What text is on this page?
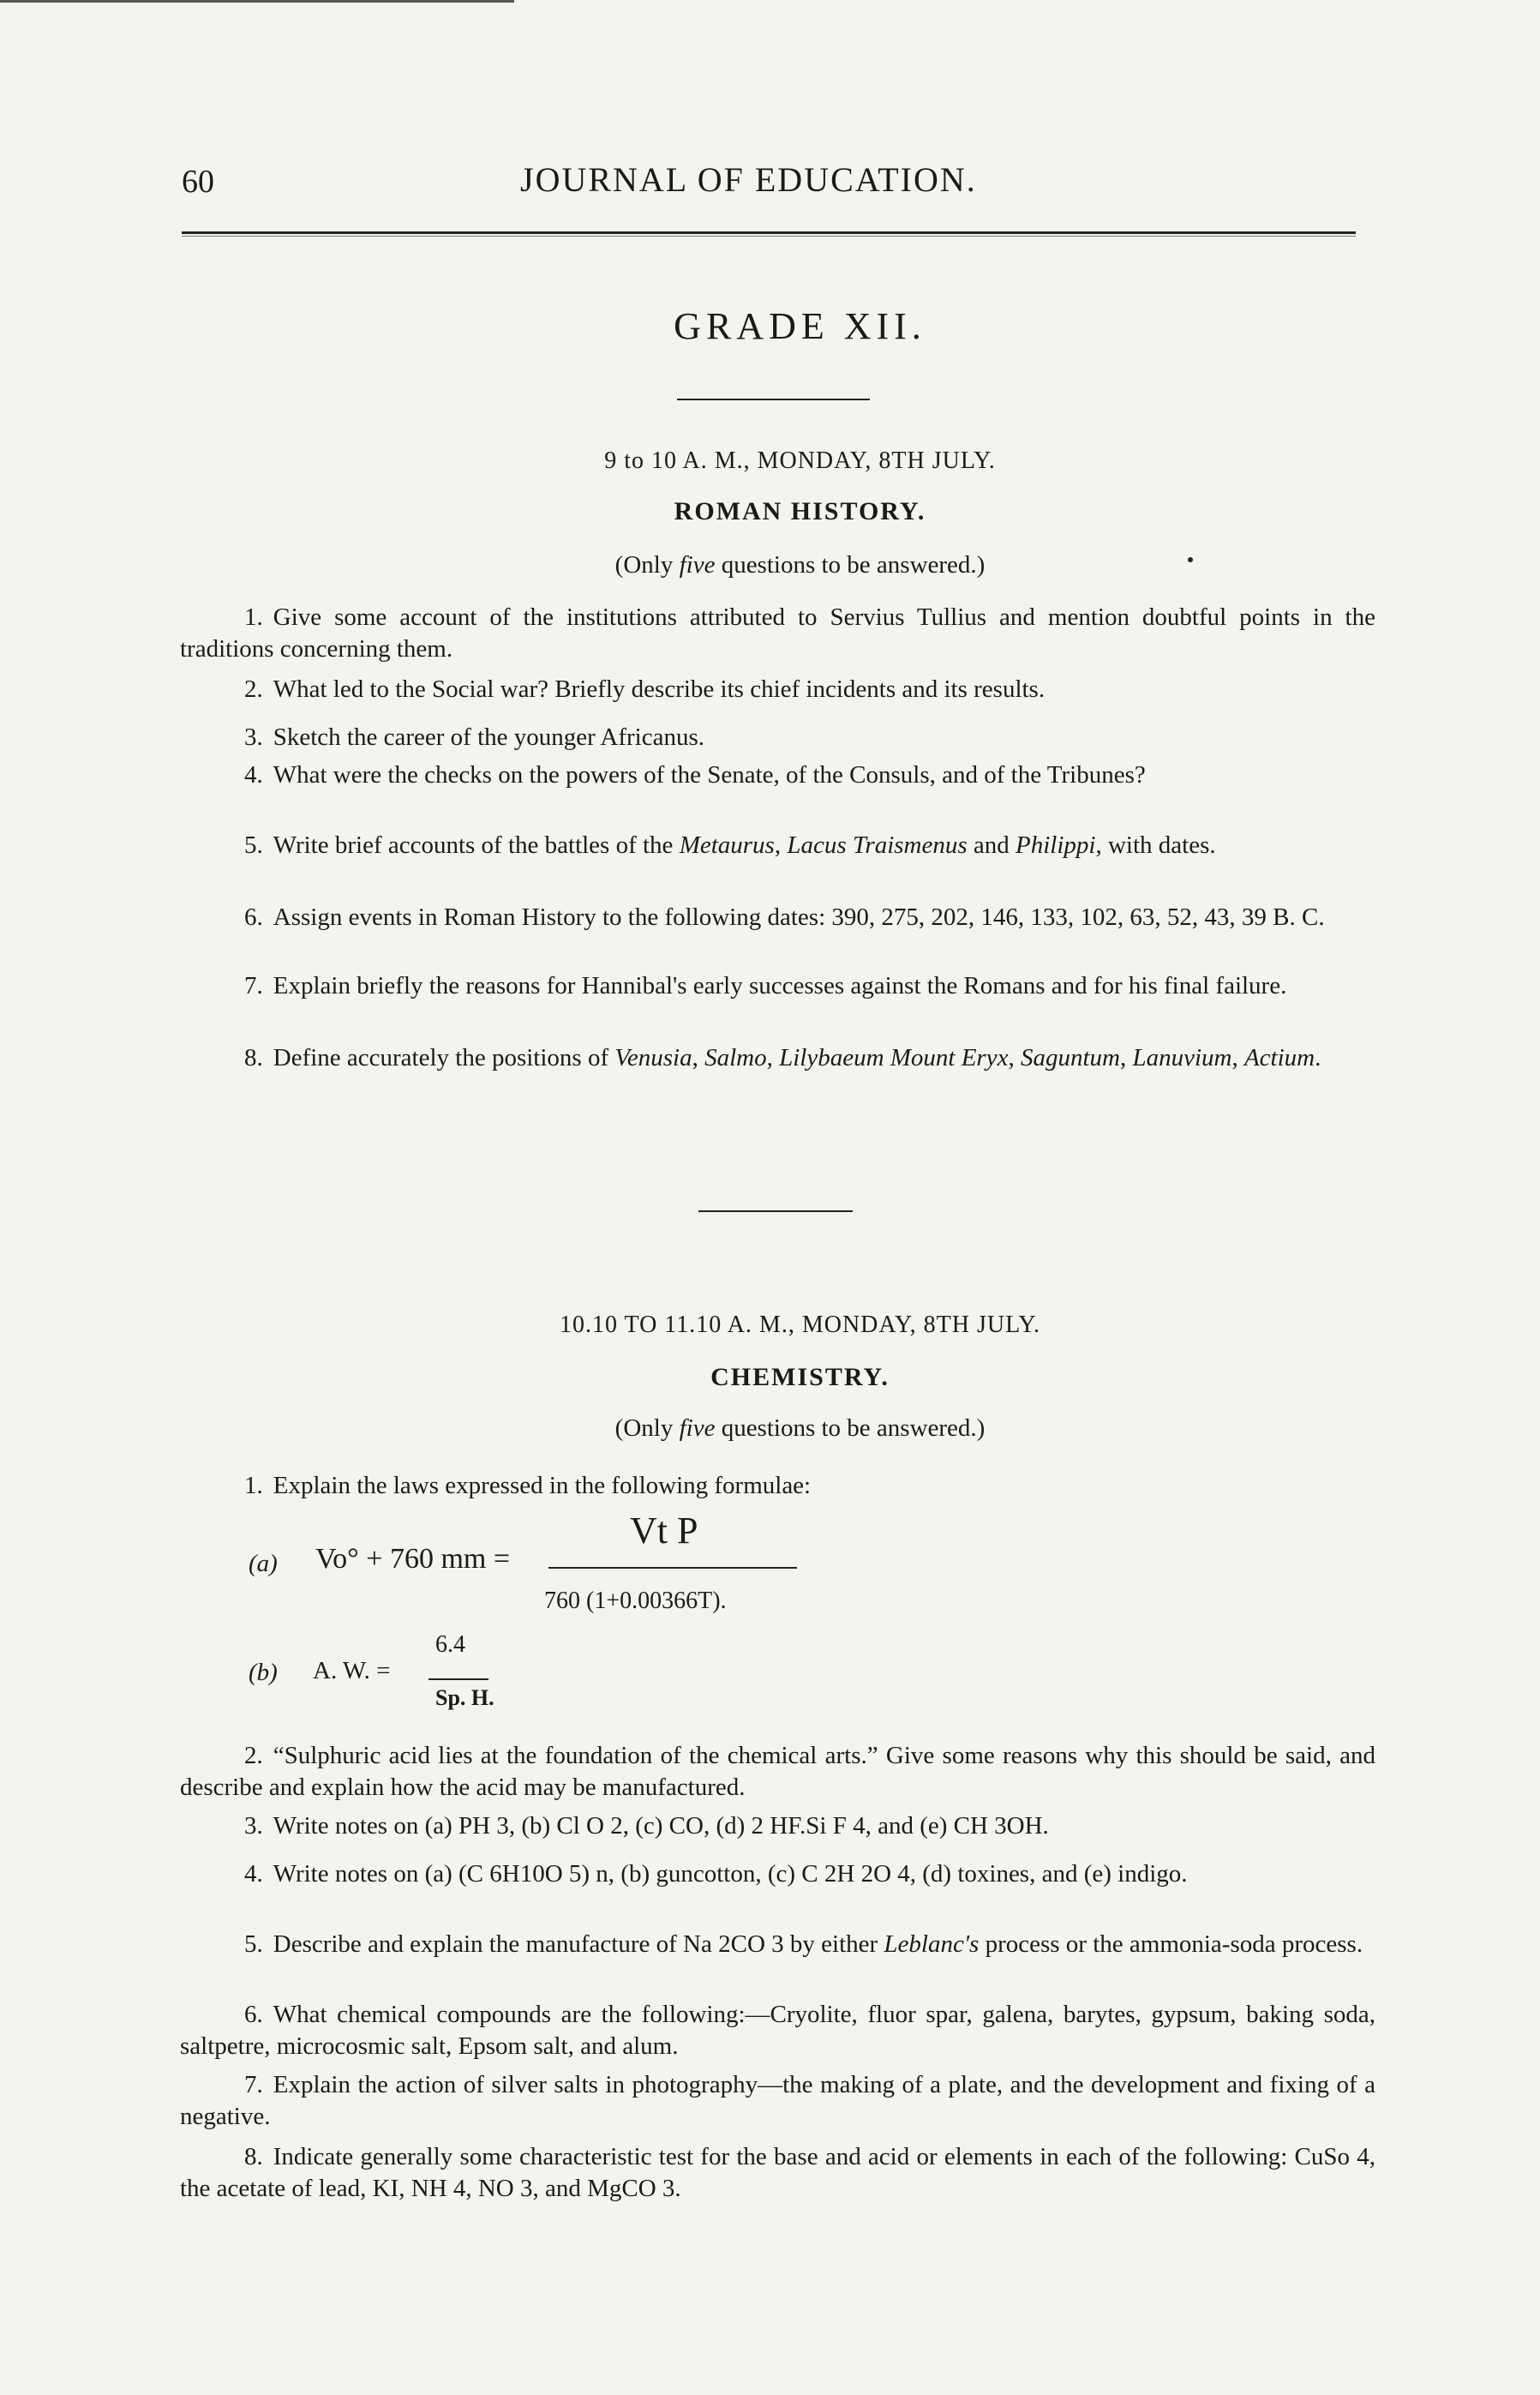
60	JOURNAL OF EDUCATION.
GRADE XII.
9 to 10 A. M., MONDAY, 8TH JULY.
ROMAN HISTORY.
(Only five questions to be answered.)
1. Give some account of the institutions attributed to Servius Tullius and mention doubtful points in the traditions concerning them.
2. What led to the Social war? Briefly describe its chief incidents and its results.
3. Sketch the career of the younger Africanus.
4. What were the checks on the powers of the Senate, of the Consuls, and of the Tribunes?
5. Write brief accounts of the battles of the Metaurus, Lacus Traismenus and Philippi, with dates.
6. Assign events in Roman History to the following dates: 390, 275, 202, 146, 133, 102, 63, 52, 43, 39 B. C.
7. Explain briefly the reasons for Hannibal's early successes against the Romans and for his final failure.
8. Define accurately the positions of Venusia, Salmo, Lilybaeum Mount Eryx, Saguntum, Lanuvium, Actium.
10.10 TO 11.10 A. M., MONDAY, 8TH JULY.
CHEMISTRY.
(Only five questions to be answered.)
1. Explain the laws expressed in the following formulae:
(a) Vo° + 760 mm =
Vt P
760 (1+0.00366T).
(b) A. W. =
6.4
Sp. H.
2. “Sulphuric acid lies at the foundation of the chemical arts.” Give some reasons why this should be said, and describe and explain how the acid may be manufactured.
3. Write notes on (a) PH 3, (b) Cl O 2, (c) CO, (d) 2 HF.Si F 4, and (e) CH 3OH.
4. Write notes on (a) (C 6H10O 5) n, (b) guncotton, (c) C 2H 2O 4, (d) toxines, and (e) indigo.
5. Describe and explain the manufacture of Na 2CO 3 by either Leblanc's process or the ammonia-soda process.
6. What chemical compounds are the following:—Cryolite, fluor spar, galena, barytes, gypsum, baking soda, saltpetre, microcosmic salt, Epsom salt, and alum.
7. Explain the action of silver salts in photography—the making of a plate, and the development and fixing of a negative.
8. Indicate generally some characteristic test for the base and acid or elements in each of the following: CuSo 4, the acetate of lead, KI, NH 4, NO 3, and MgCO 3.
